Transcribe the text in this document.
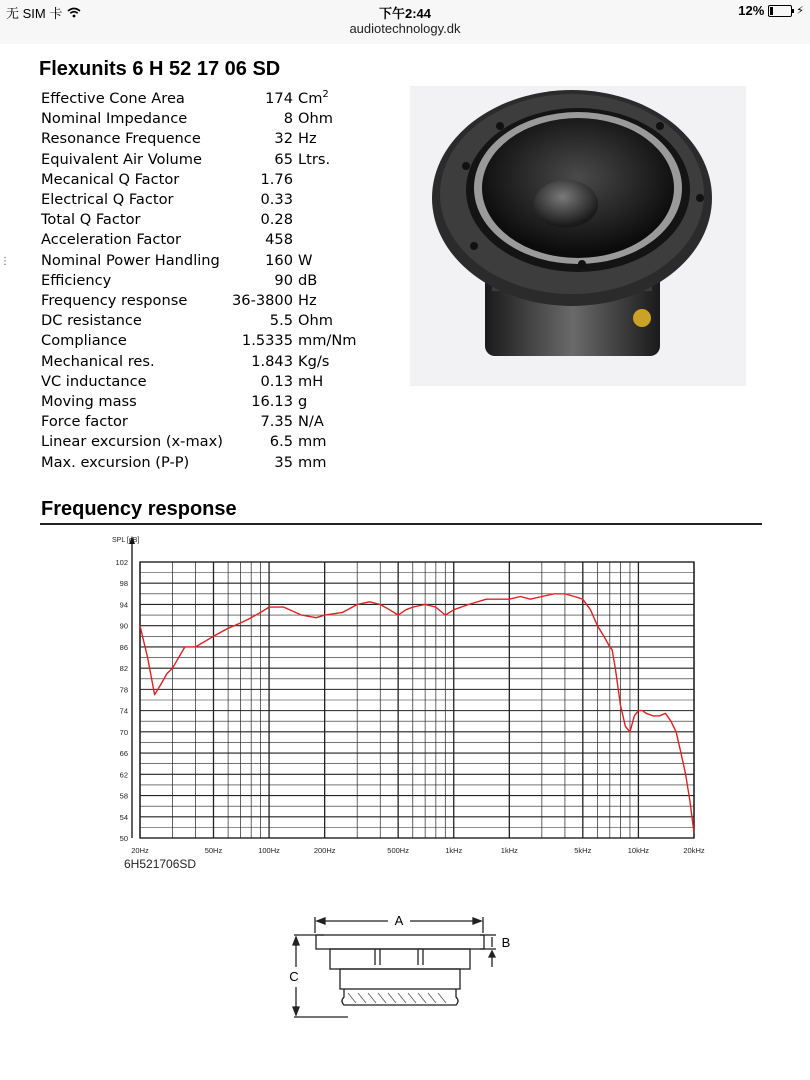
无 SIM 卡	下午2:44	12%	⚡
audiotechnology.dk
Flexunits 6 H 52 17 06 SD
⋮
Effective Cone Area	174	Cm$^2$
Nominal Impedance	8	Ohm
Resonance Frequence	32	Hz
Equivalent Air Volume	65	Ltrs.
Mecanical Q Factor	1.76	
Electrical Q Factor	0.33	
Total Q Factor	0.28	
Acceleration Factor	458	
Nominal Power Handling	160	W
Efficiency	90	dB
Frequency response	36-3800	Hz
DC resistance	5.5	Ohm
Compliance	1.5335	mm/Nm
Mechanical res.	1.843	Kg/s
VC inductance	0.13	mH
Moving mass	16.13	g
Force factor	7.35	N/A
Linear excursion (x-max)	6.5	mm
Max. excursion (P-P)	35	mm
Frequency response
SPL [dB]
50
54
58
62
66
70
74
78
82
86
90
94
98
102
20Hz	50Hz	100Hz	200Hz	500Hz	1kHz	1kHz	5kHz	10kHz	20kHz
6H521706SD
A
B
C
